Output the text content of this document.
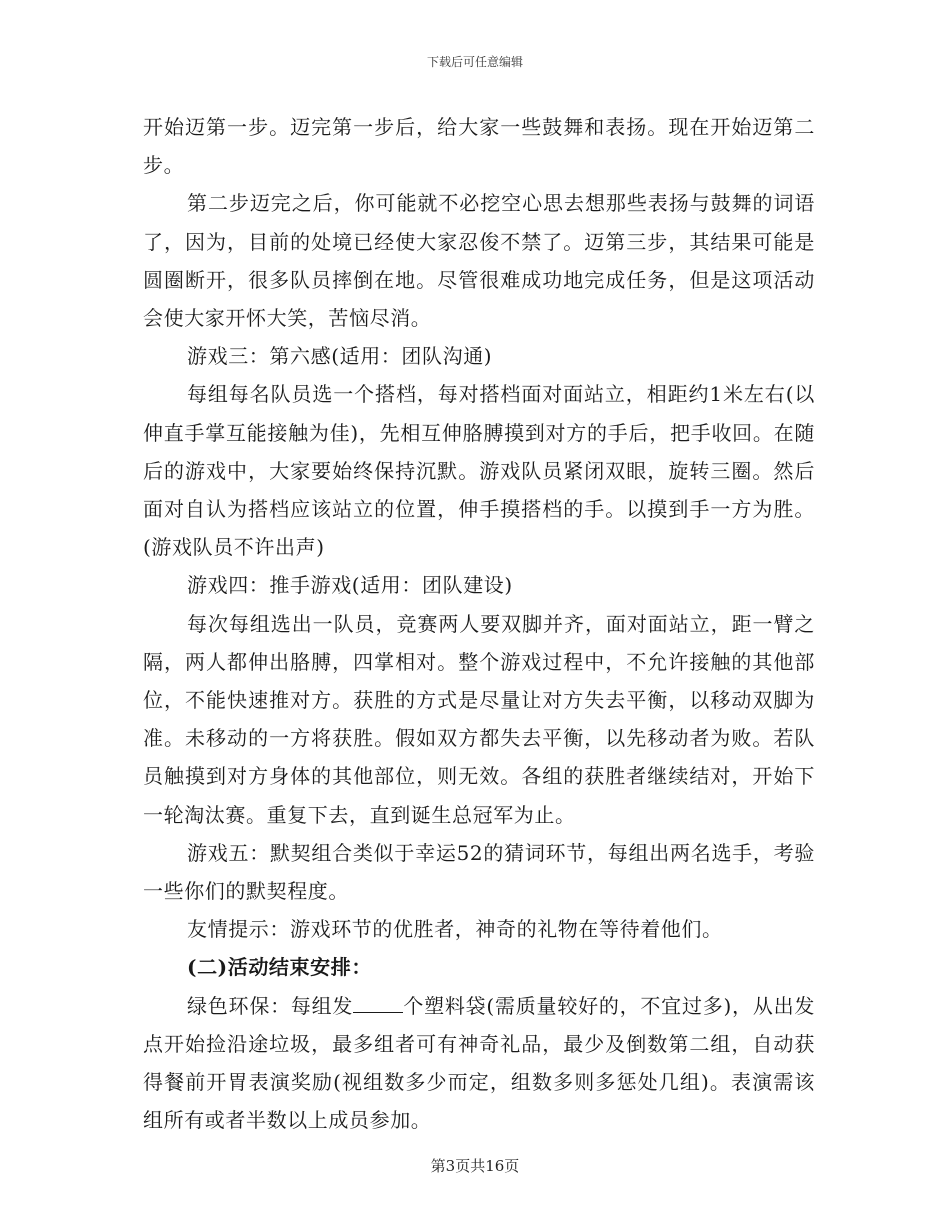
下载后可任意编辑

开始迈第一步。迈完第一步后，给大家一些鼓舞和表扬。现在开始迈第二步。

第二步迈完之后，你可能就不必挖空心思去想那些表扬与鼓舞的词语了，因为，目前的处境已经使大家忍俊不禁了。迈第三步，其结果可能是圆圈断开，很多队员摔倒在地。尽管很难成功地完成任务，但是这项活动会使大家开怀大笑，苦恼尽消。

游戏三：第六感(适用：团队沟通)

每组每名队员选一个搭档，每对搭档面对面站立，相距约1米左右(以伸直手掌互能接触为佳)，先相互伸胳膊摸到对方的手后，把手收回。在随后的游戏中，大家要始终保持沉默。游戏队员紧闭双眼，旋转三圈。然后面对自认为搭档应该站立的位置，伸手摸搭档的手。以摸到手一方为胜。(游戏队员不许出声)

游戏四：推手游戏(适用：团队建设)

每次每组选出一队员，竞赛两人要双脚并齐，面对面站立，距一臂之隔，两人都伸出胳膊，四掌相对。整个游戏过程中，不允许接触的其他部位，不能快速推对方。获胜的方式是尽量让对方失去平衡，以移动双脚为准。未移动的一方将获胜。假如双方都失去平衡，以先移动者为败。若队员触摸到对方身体的其他部位，则无效。各组的获胜者继续结对，开始下一轮淘汰赛。重复下去，直到诞生总冠军为止。

游戏五：默契组合类似于幸运52的猜词环节，每组出两名选手，考验一些你们的默契程度。

友情提示：游戏环节的优胜者，神奇的礼物在等待着他们。

(二)活动结束安排：

绿色环保：每组发	个塑料袋(需质量较好的，不宜过多)，从出发点开始捡沿途垃圾，最多组者可有神奇礼品，最少及倒数第二组，自动获得餐前开胃表演奖励(视组数多少而定，组数多则多惩处几组)。表演需该组所有或者半数以上成员参加。

第3页共16页
